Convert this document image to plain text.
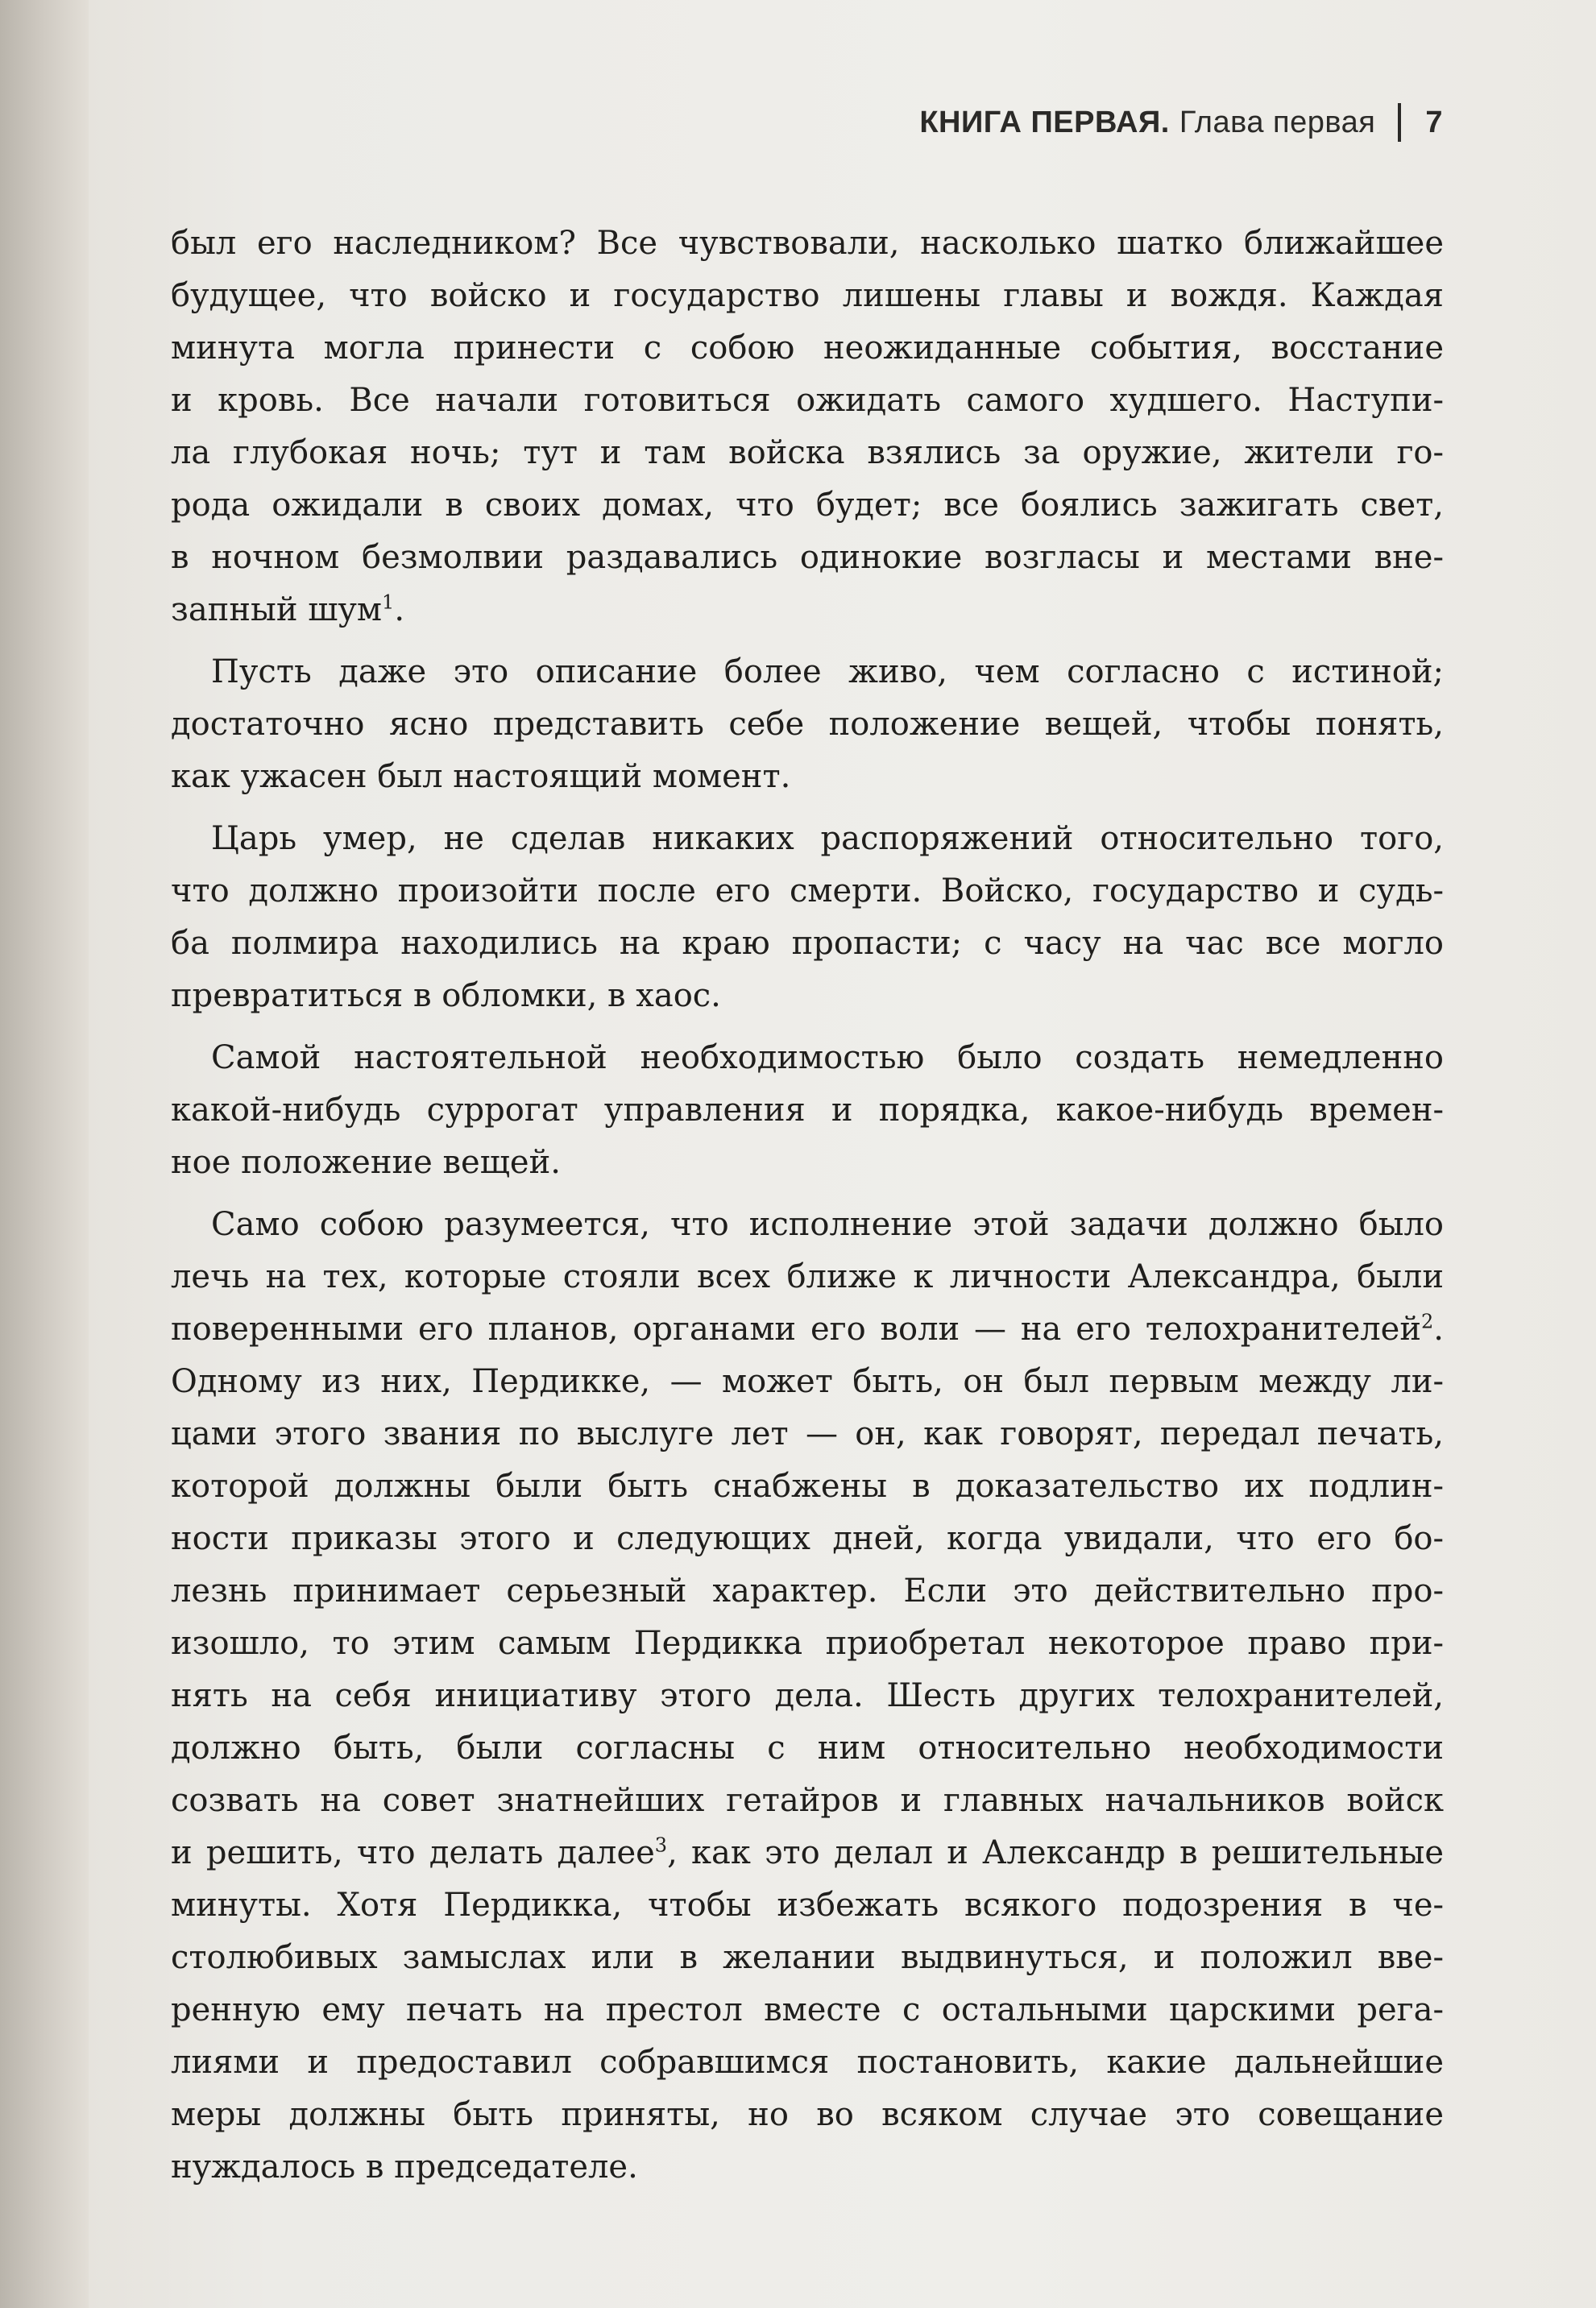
КНИГА ПЕРВАЯ. Глава первая 7
был его наследником? Все чувствовали, насколько шатко ближайшее
будущее, что войско и государство лишены главы и вождя. Каждая
минута могла принести с собою неожиданные события, восстание
и кровь. Все начали готовиться ожидать самого худшего. Наступи-
ла глубокая ночь; тут и там войска взялись за оружие, жители го-
рода ожидали в своих домах, что будет; все боялись зажигать свет,
в ночном безмолвии раздавались одинокие возгласы и местами вне-
запный шум$^1$.
Пусть даже это описание более живо, чем согласно с истиной;
достаточно ясно представить себе положение вещей, чтобы понять,
как ужасен был настоящий момент.
Царь умер, не сделав никаких распоряжений относительно того,
что должно произойти после его смерти. Войско, государство и судь-
ба полмира находились на краю пропасти; с часу на час все могло
превратиться в обломки, в хаос.
Самой настоятельной необходимостью было создать немедленно
какой-нибудь суррогат управления и порядка, какое-нибудь времен-
ное положение вещей.
Само собою разумеется, что исполнение этой задачи должно было
лечь на тех, которые стояли всех ближе к личности Александра, были
поверенными его планов, органами его воли — на его телохранителей$^2$.
Одному из них, Пердикке, — может быть, он был первым между ли-
цами этого звания по выслуге лет — он, как говорят, передал печать,
которой должны были быть снабжены в доказательство их подлин-
ности приказы этого и следующих дней, когда увидали, что его бо-
лезнь принимает серьезный характер. Если это действительно про-
изошло, то этим самым Пердикка приобретал некоторое право при-
нять на себя инициативу этого дела. Шесть других телохранителей,
должно быть, были согласны с ним относительно необходимости
созвать на совет знатнейших гетайров и главных начальников войск
и решить, что делать далее$^3$, как это делал и Александр в решительные
минуты. Хотя Пердикка, чтобы избежать всякого подозрения в че-
столюбивых замыслах или в желании выдвинуться, и положил вве-
ренную ему печать на престол вместе с остальными царскими рега-
лиями и предоставил собравшимся постановить, какие дальнейшие
меры должны быть приняты, но во всяком случае это совещание
нуждалось в председателе.
